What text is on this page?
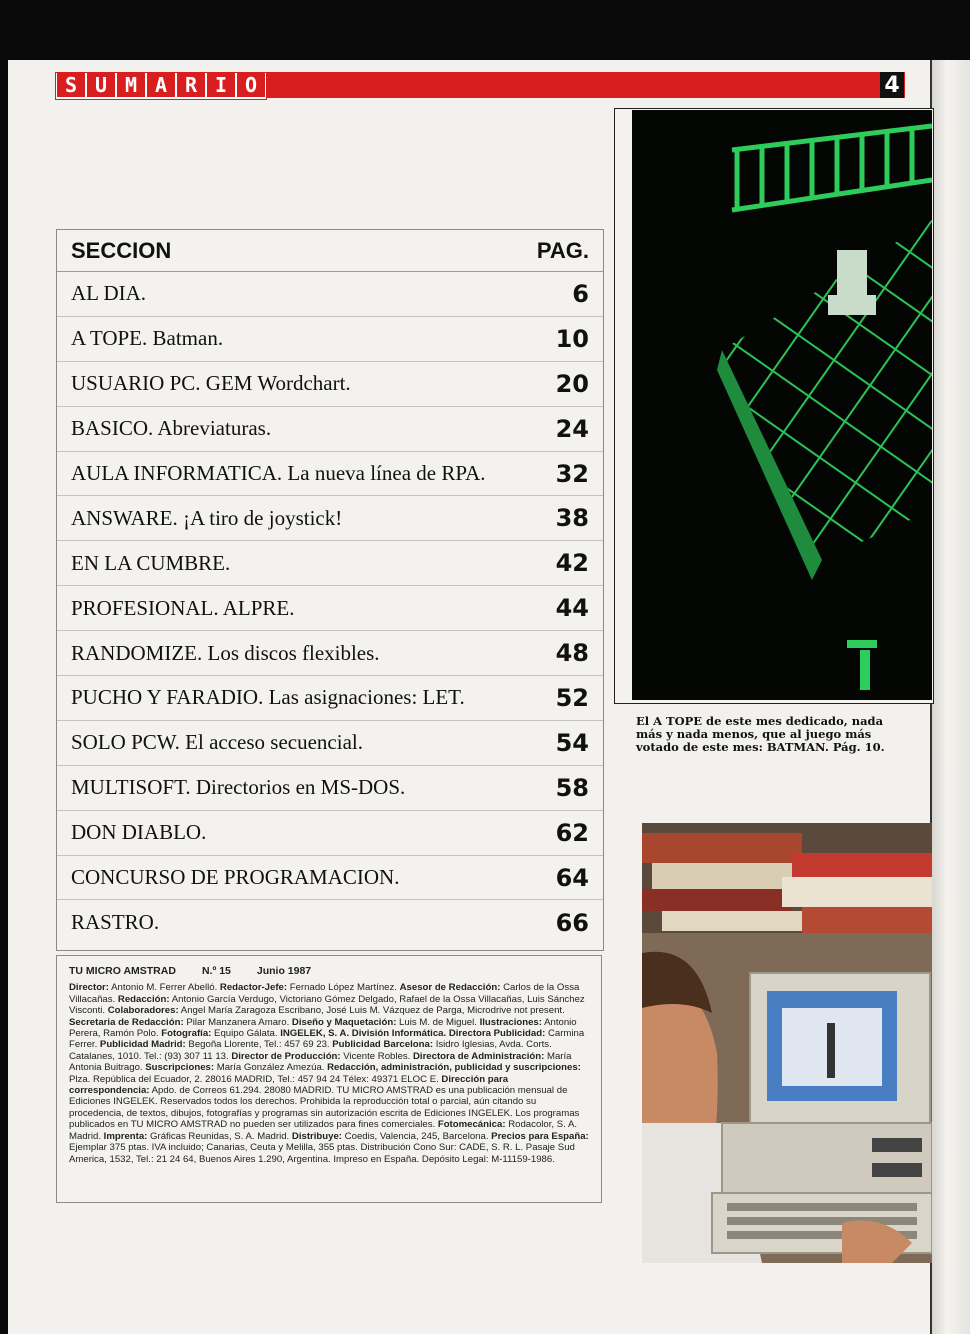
S U M A R I O	4
SECCION	PAG.
AL DIA.	6
A TOPE. Batman.	10
USUARIO PC. GEM Wordchart.	20
BASICO. Abreviaturas.	24
AULA INFORMATICA. La nueva línea de RPA.	32
ANSWARE. ¡A tiro de joystick!	38
EN LA CUMBRE.	42
PROFESIONAL. ALPRE.	44
RANDOMIZE. Los discos flexibles.	48
PUCHO Y FARADIO. Las asignaciones: LET.	52
SOLO PCW. El acceso secuencial.	54
MULTISOFT. Directorios en MS-DOS.	58
DON DIABLO.	62
CONCURSO DE PROGRAMACION.	64
RASTRO.	66
TU MICRO AMSTRAD N.º 15 Junio 1987
Director: Antonio M. Ferrer Abelló. Redactor-Jefe: Fernado López Martínez. Asesor de Redacción: Carlos de la Ossa Villacañas. Redacción: Antonio García Verdugo, Victoriano Gómez Delgado, Rafael de la Ossa Villacañas, Luis Sánchez Visconti. Colaboradores: Angel María Zaragoza Escribano, José Luis M. Vázquez de Parga, Microdrive not present. Secretaria de Redacción: Pilar Manzanera Amaro. Diseño y Maquetación: Luis M. de Miguel. Ilustraciones: Antonio Perera, Ramón Polo. Fotografía: Equipo Gálata. INGELEK, S. A. División Informática. Directora Publicidad: Carmina Ferrer. Publicidad Madrid: Begoña Llorente, Tel.: 457 69 23. Publicidad Barcelona: Isidro Iglesias, Avda. Corts. Catalanes, 1010. Tel.: (93) 307 11 13. Director de Producción: Vicente Robles. Directora de Administración: María Antonia Buitrago. Suscripciones: María González Amezúa. Redacción, administración, publicidad y suscripciones: Plza. República del Ecuador, 2. 28016 MADRID, Tel.: 457 94 24 Télex: 49371 ELOC E. Dirección para correspondencia: Apdo. de Correos 61.294. 28080 MADRID. TU MICRO AMSTRAD es una publicación mensual de Ediciones INGELEK. Reservados todos los derechos. Prohibida la reproducción total o parcial, aún citando su procedencia, de textos, dibujos, fotografías y programas sin autorización escrita de Ediciones INGELEK. Los programas publicados en TU MICRO AMSTRAD no pueden ser utilizados para fines comerciales. Fotomecánica: Rodacolor, S. A. Madrid. Imprenta: Gráficas Reunidas, S. A. Madrid. Distribuye: Coedis, Valencia, 245, Barcelona. Precios para España: Ejemplar 375 ptas. IVA incluido; Canarias, Ceuta y Melilla, 355 ptas. Distribución Cono Sur: CADE, S. R. L. Pasaje Sud America, 1532, Tel.: 21 24 64, Buenos Aires 1.290, Argentina. Impreso en España. Depósito Legal: M-11159-1986.
El A TOPE de este mes dedicado, nada más y nada menos, que al juego más votado de este mes: BATMAN. Pág. 10.
